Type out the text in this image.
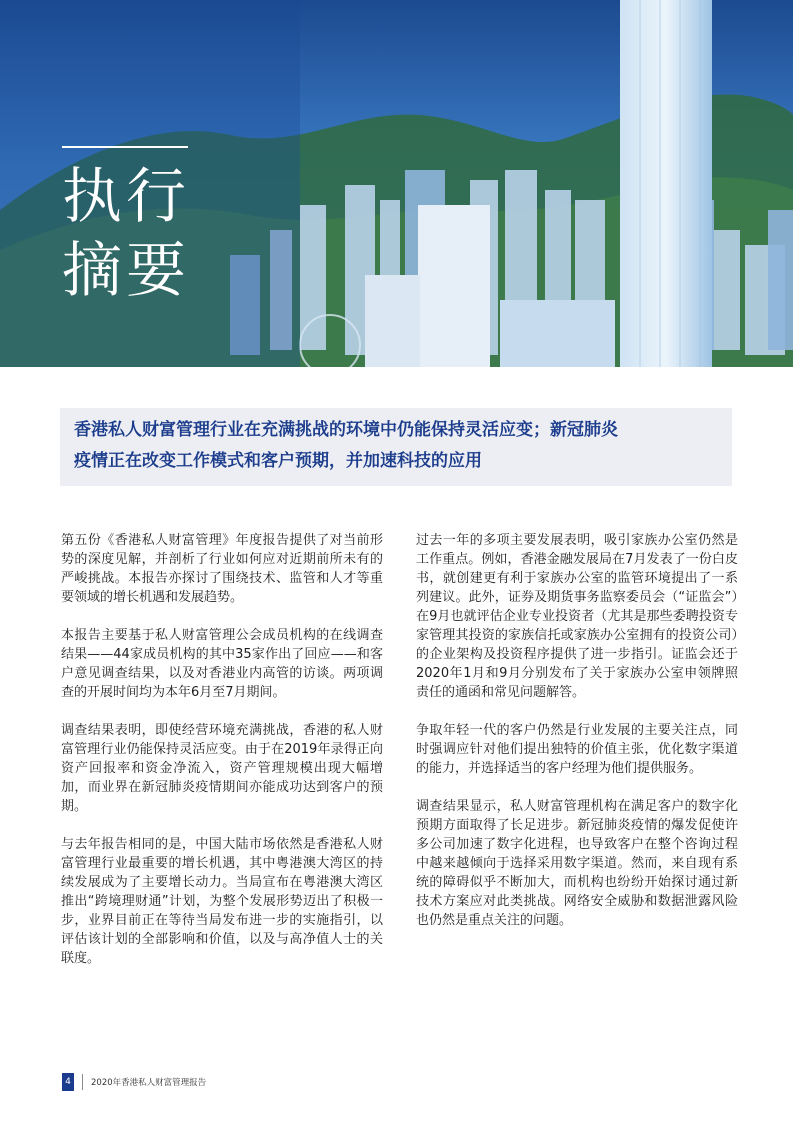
执行
摘要

香港私人财富管理行业在充满挑战的环境中仍能保持灵活应变；新冠肺炎

疫情正在改变工作模式和客户预期，并加速科技的应用

第五份《香港私人财富管理》年度报告提供了对当前形势的深度见解，并剖析了行业如何应对近期前所未有的严峻挑战。本报告亦探讨了围绕技术、监管和人才等重要领域的增长机遇和发展趋势。

本报告主要基于私人财富管理公会成员机构的在线调查结果——44家成员机构的其中35家作出了回应——和客户意见调查结果，以及对香港业内高管的访谈。两项调查的开展时间均为本年6月至7月期间。

调查结果表明，即使经营环境充满挑战，香港的私人财富管理行业仍能保持灵活应变。由于在2019年录得正向资产回报率和资金净流入，资产管理规模出现大幅增加，而业界在新冠肺炎疫情期间亦能成功达到客户的预期。

与去年报告相同的是，中国大陆市场依然是香港私人财富管理行业最重要的增长机遇，其中粤港澳大湾区的持续发展成为了主要增长动力。当局宣布在粤港澳大湾区推出“跨境理财通”计划，为整个发展形势迈出了积极一步，业界目前正在等待当局发布进一步的实施指引，以评估该计划的全部影响和价值，以及与高净值人士的关联度。

过去一年的多项主要发展表明，吸引家族办公室仍然是工作重点。例如，香港金融发展局在7月发表了一份白皮书，就创建更有利于家族办公室的监管环境提出了一系列建议。此外，证券及期货事务监察委员会（“证监会”）在9月也就评估企业专业投资者（尤其是那些委聘投资专家管理其投资的家族信托或家族办公室拥有的投资公司）的企业架构及投资程序提供了进一步指引。证监会还于2020年1月和9月分别发布了关于家族办公室申领牌照责任的通函和常见问题解答。

争取年轻一代的客户仍然是行业发展的主要关注点，同时强调应针对他们提出独特的价值主张，优化数字渠道的能力，并选择适当的客户经理为他们提供服务。

调查结果显示，私人财富管理机构在满足客户的数字化预期方面取得了长足进步。新冠肺炎疫情的爆发促使许多公司加速了数字化进程，也导致客户在整个咨询过程中越来越倾向于选择采用数字渠道。然而，来自现有系统的障碍似乎不断加大，而机构也纷纷开始探讨通过新技术方案应对此类挑战。网络安全威胁和数据泄露风险也仍然是重点关注的问题。

4	2020年香港私人财富管理报告
